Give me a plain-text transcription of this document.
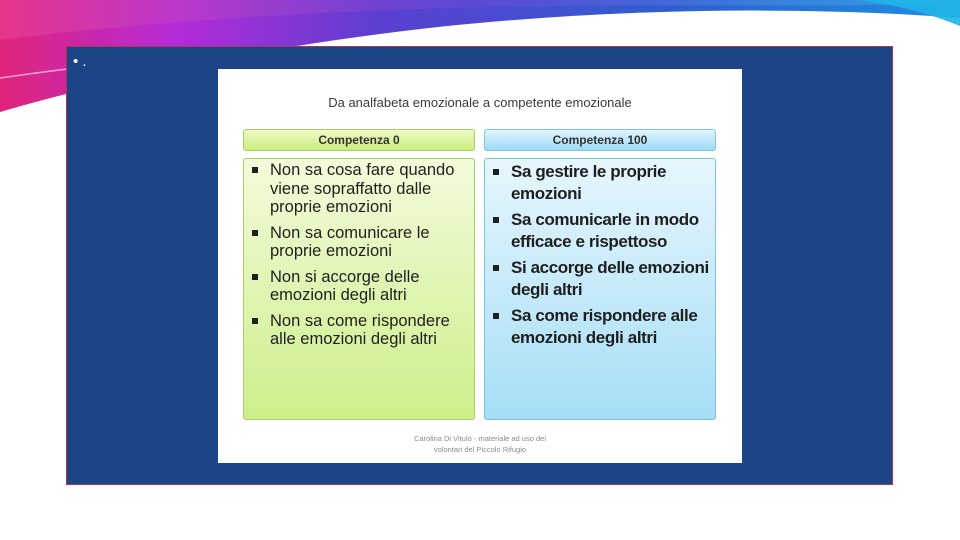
• .
Da analfabeta emozionale a competente emozionale
Competenza 0	Competenza 100
Non sa cosa fare quando viene sopraffatto dalle proprie emozioni
Non sa comunicare le proprie emozioni
Non si accorge delle emozioni degli altri
Non sa come rispondere alle emozioni degli altri
Sa gestire le proprie emozioni
Sa comunicarle in modo efficace e rispettoso
Si accorge delle emozioni degli altri
Sa come rispondere alle emozioni degli altri
Carolina Di Vitulo - materiale ad uso dei
volontari del Piccolo Rifugio
